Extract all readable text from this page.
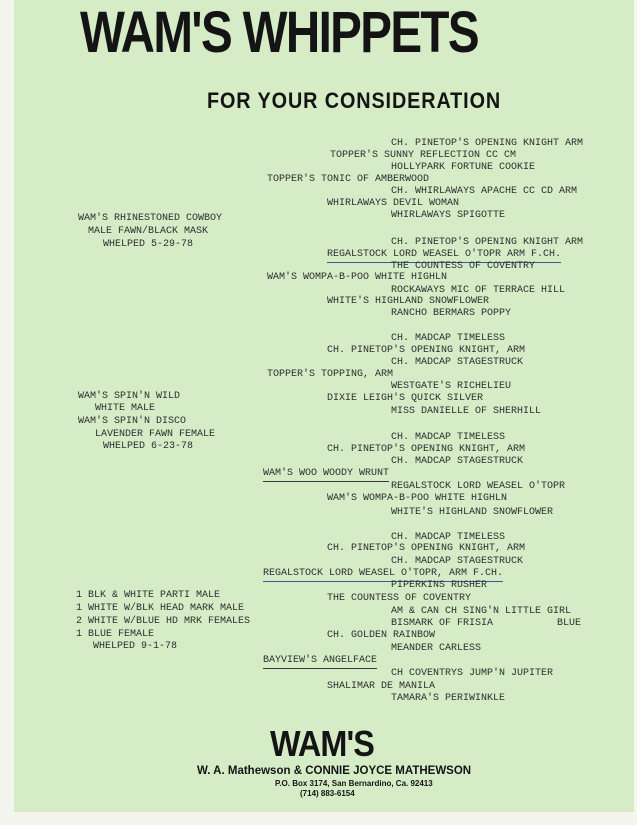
WAM'S WHIPPETS
FOR YOUR CONSIDERATION
WAM'S RHINESTONED COWBOY
MALE FAWN/BLACK MASK
WHELPED 5-29-78
CH. PINETOP'S OPENING KNIGHT ARM
TOPPER'S SUNNY REFLECTION CC CM
HOLLYPARK FORTUNE COOKIE
TOPPER'S TONIC OF AMBERWOOD
CH. WHIRLAWAYS APACHE CC CD ARM
WHIRLAWAYS DEVIL WOMAN
WHIRLAWAYS SPIGOTTE
CH. PINETOP'S OPENING KNIGHT ARM
REGALSTOCK LORD WEASEL O'TOPR ARM F.CH.
THE COUNTESS OF COVENTRY
WAM'S WOMPA-B-POO WHITE HIGHLN
ROCKAWAYS MIC OF TERRACE HILL
WHITE'S HIGHLAND SNOWFLOWER
RANCHO BERMARS POPPY
WAM'S SPIN'N WILD
WHITE MALE
WAM'S SPIN'N DISCO
LAVENDER FAWN FEMALE
WHELPED 6-23-78
CH. MADCAP TIMELESS
CH. PINETOP'S OPENING KNIGHT, ARM
CH. MADCAP STAGESTRUCK
TOPPER'S TOPPING, ARM
WESTGATE'S RICHELIEU
DIXIE LEIGH'S QUICK SILVER
MISS DANIELLE OF SHERHILL
CH. MADCAP TIMELESS
CH. PINETOP'S OPENING KNIGHT, ARM
CH. MADCAP STAGESTRUCK
WAM'S WOO WOODY WRUNT
REGALSTOCK LORD WEASEL O'TOPR
WAM'S WOMPA-B-POO WHITE HIGHLN
WHITE'S HIGHLAND SNOWFLOWER
1 BLK & WHITE PARTI MALE
1 WHITE W/BLK HEAD MARK MALE
2 WHITE W/BLUE HD MRK FEMALES
1 BLUE FEMALE
WHELPED 9-1-78
CH. MADCAP TIMELESS
CH. PINETOP'S OPENING KNIGHT, ARM
CH. MADCAP STAGESTRUCK
REGALSTOCK LORD WEASEL O'TOPR, ARM F.CH.
PIPERKINS RUSHER
THE COUNTESS OF COVENTRY
AM & CAN CH SING'N LITTLE GIRL
BISMARK OF FRISIA	BLUE
CH. GOLDEN RAINBOW
MEANDER CARLESS
BAYVIEW'S ANGELFACE
CH COVENTRYS JUMP'N JUPITER
SHALIMAR DE MANILA
TAMARA'S PERIWINKLE
WAM'S
W. A. Mathewson & CONNIE JOYCE MATHEWSON
P.O. Box 3174, San Bernardino, Ca. 92413
(714) 883-6154
